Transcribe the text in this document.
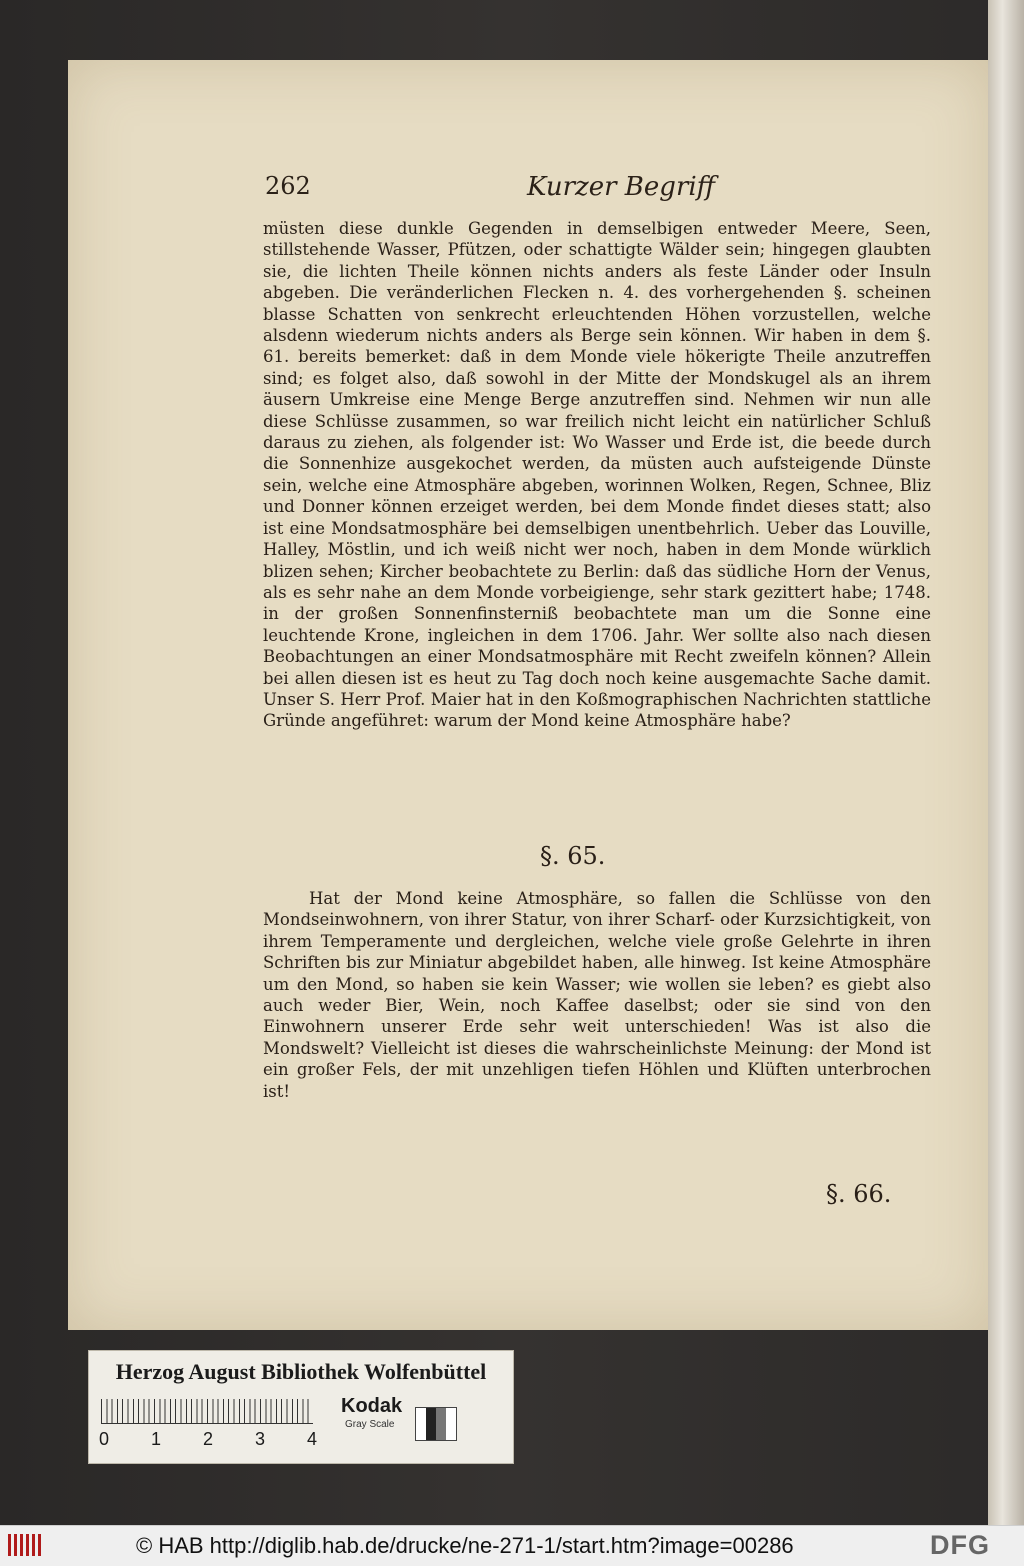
262	Kurzer Begriff
müsten diese dunkle Gegenden in demselbigen entweder Meere, Seen, stillstehende Wasser, Pfützen, oder schattigte Wälder sein; hingegen glaubten sie, die lichten Theile können nichts anders als feste Länder oder Insuln abgeben. Die veränderlichen Flecken n. 4. des vorhergehenden §. scheinen blasse Schatten von senkrecht erleuchtenden Höhen vorzustellen, welche alsdenn wiederum nichts anders als Berge sein können. Wir haben in dem §. 61. bereits bemerket: daß in dem Monde viele hökerigte Theile anzutreffen sind; es folget also, daß sowohl in der Mitte der Mondskugel als an ihrem äusern Umkreise eine Menge Berge anzutreffen sind. Nehmen wir nun alle diese Schlüsse zusammen, so war freilich nicht leicht ein natürlicher Schluß daraus zu ziehen, als folgender ist: Wo Wasser und Erde ist, die beede durch die Sonnenhize ausgekochet werden, da müsten auch aufsteigende Dünste sein, welche eine Atmosphäre abgeben, worinnen Wolken, Regen, Schnee, Bliz und Donner können erzeiget werden, bei dem Monde findet dieses statt; also ist eine Mondsatmosphäre bei demselbigen unentbehrlich. Ueber das Louville, Halley, Möstlin, und ich weiß nicht wer noch, haben in dem Monde würklich blizen sehen; Kircher beobachtete zu Berlin: daß das südliche Horn der Venus, als es sehr nahe an dem Monde vorbeigienge, sehr stark gezittert habe; 1748. in der großen Sonnenfinsterniß beobachtete man um die Sonne eine leuchtende Krone, ingleichen in dem 1706. Jahr. Wer sollte also nach diesen Beobachtungen an einer Mondsatmosphäre mit Recht zweifeln können? Allein bei allen diesen ist es heut zu Tag doch noch keine ausgemachte Sache damit. Unser S. Herr Prof. Maier hat in den Koßmographischen Nachrichten stattliche Gründe angeführet: warum der Mond keine Atmosphäre habe?
§. 65.
Hat der Mond keine Atmosphäre, so fallen die Schlüsse von den Mondseinwohnern, von ihrer Statur, von ihrer Scharf- oder Kurzsichtigkeit, von ihrem Temperamente und dergleichen, welche viele große Gelehrte in ihren Schriften bis zur Miniatur abgebildet haben, alle hinweg. Ist keine Atmosphäre um den Mond, so haben sie kein Wasser; wie wollen sie leben? es giebt also auch weder Bier, Wein, noch Kaffee daselbst; oder sie sind von den Einwohnern unserer Erde sehr weit unterschieden! Was ist also die Mondswelt? Vielleicht ist dieses die wahrscheinlichste Meinung: der Mond ist ein großer Fels, der mit unzehligen tiefen Höhlen und Klüften unterbrochen ist!
§. 66.
Herzog August Bibliothek Wolfenbüttel
0 1 2 3 4
Kodak
Gray Scale
© HAB http://diglib.hab.de/drucke/ne-271-1/start.htm?image=00286	DFG
